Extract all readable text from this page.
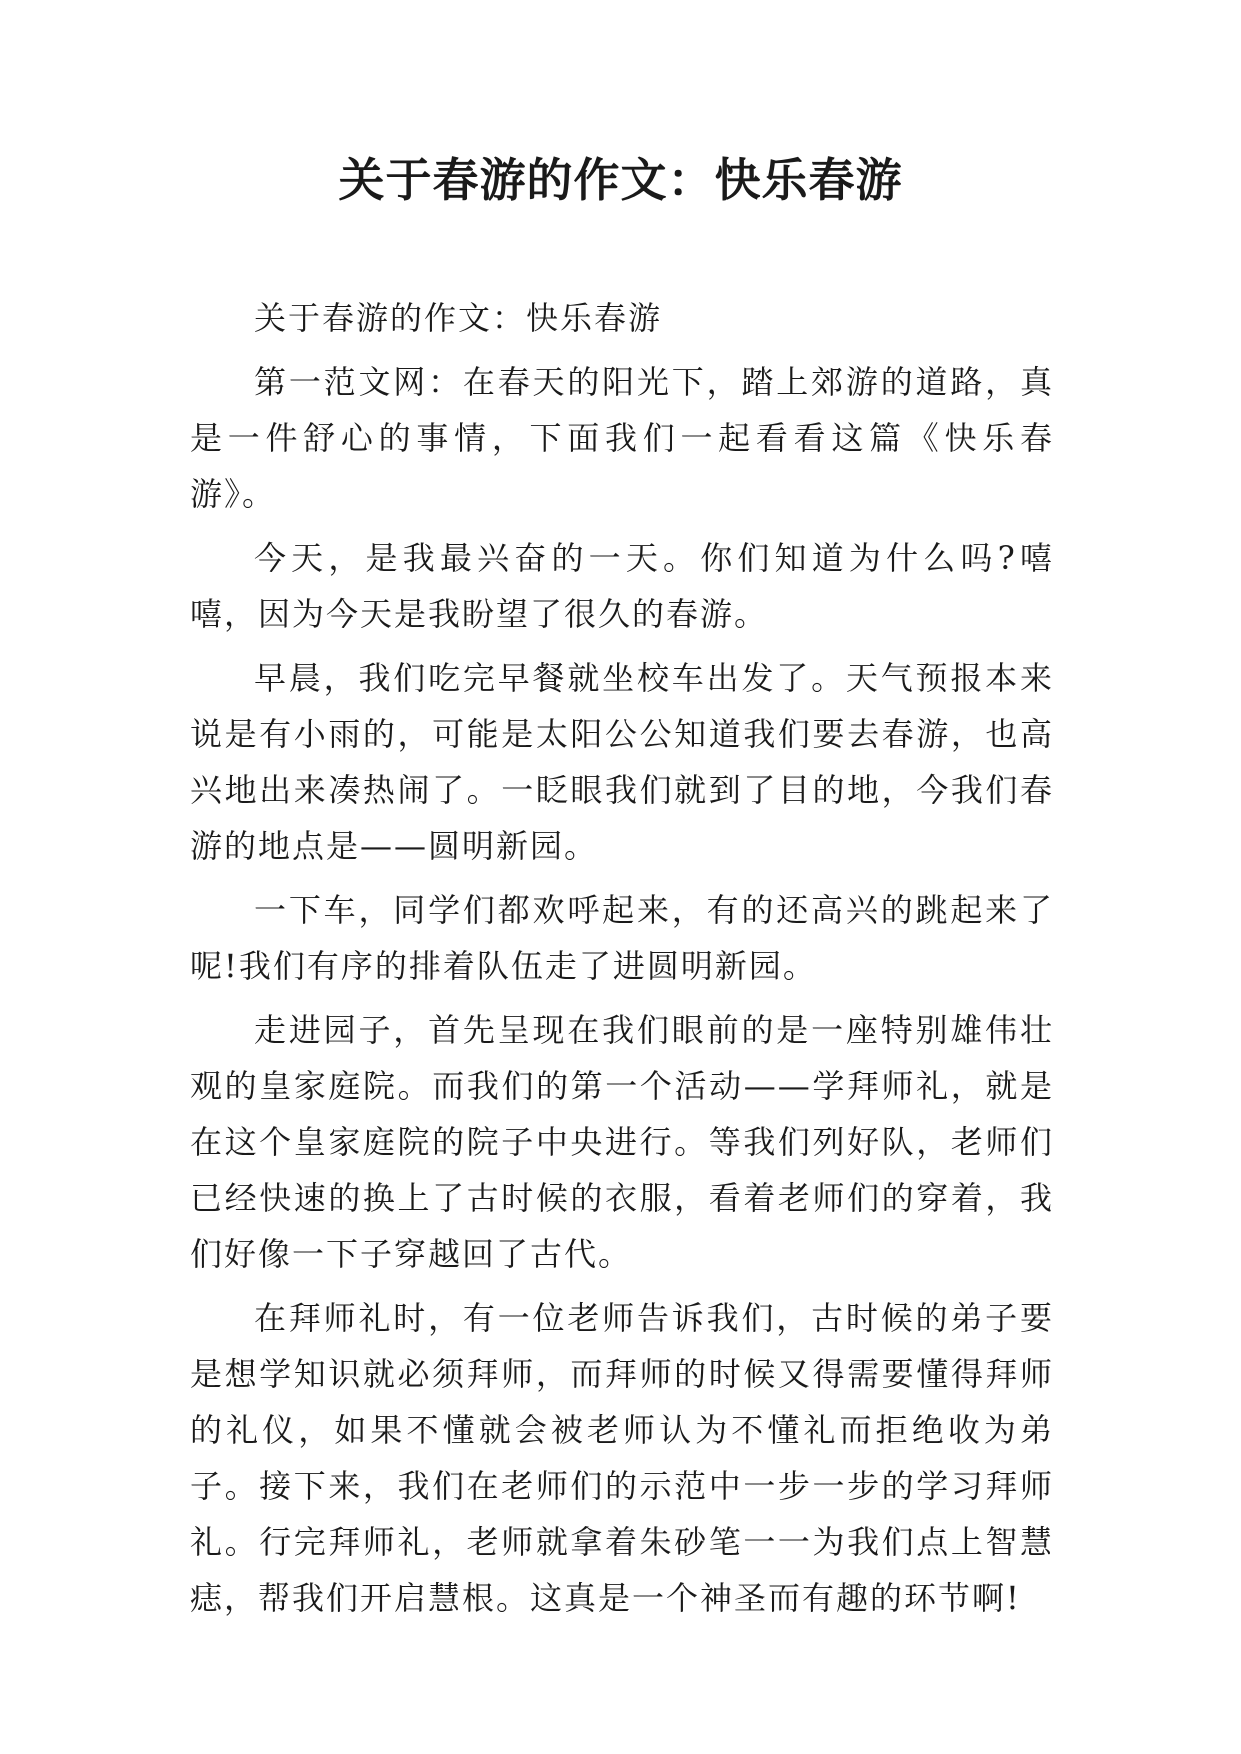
关于春游的作文：快乐春游

关于春游的作文：快乐春游

第一范文网：在春天的阳光下，踏上郊游的道路，真是一件舒心的事情，下面我们一起看看这篇《快乐春游》。

今天，是我最兴奋的一天。你们知道为什么吗?嘻嘻，因为今天是我盼望了很久的春游。

早晨，我们吃完早餐就坐校车出发了。天气预报本来说是有小雨的，可能是太阳公公知道我们要去春游，也高兴地出来凑热闹了。一眨眼我们就到了目的地，今我们春游的地点是——圆明新园。

一下车，同学们都欢呼起来，有的还高兴的跳起来了呢!我们有序的排着队伍走了进圆明新园。

走进园子，首先呈现在我们眼前的是一座特别雄伟壮观的皇家庭院。而我们的第一个活动——学拜师礼，就是在这个皇家庭院的院子中央进行。等我们列好队，老师们已经快速的换上了古时候的衣服，看着老师们的穿着，我们好像一下子穿越回了古代。

在拜师礼时，有一位老师告诉我们，古时候的弟子要是想学知识就必须拜师，而拜师的时候又得需要懂得拜师的礼仪，如果不懂就会被老师认为不懂礼而拒绝收为弟子。接下来，我们在老师们的示范中一步一步的学习拜师礼。行完拜师礼，老师就拿着朱砂笔一一为我们点上智慧痣，帮我们开启慧根。这真是一个神圣而有趣的环节啊!
